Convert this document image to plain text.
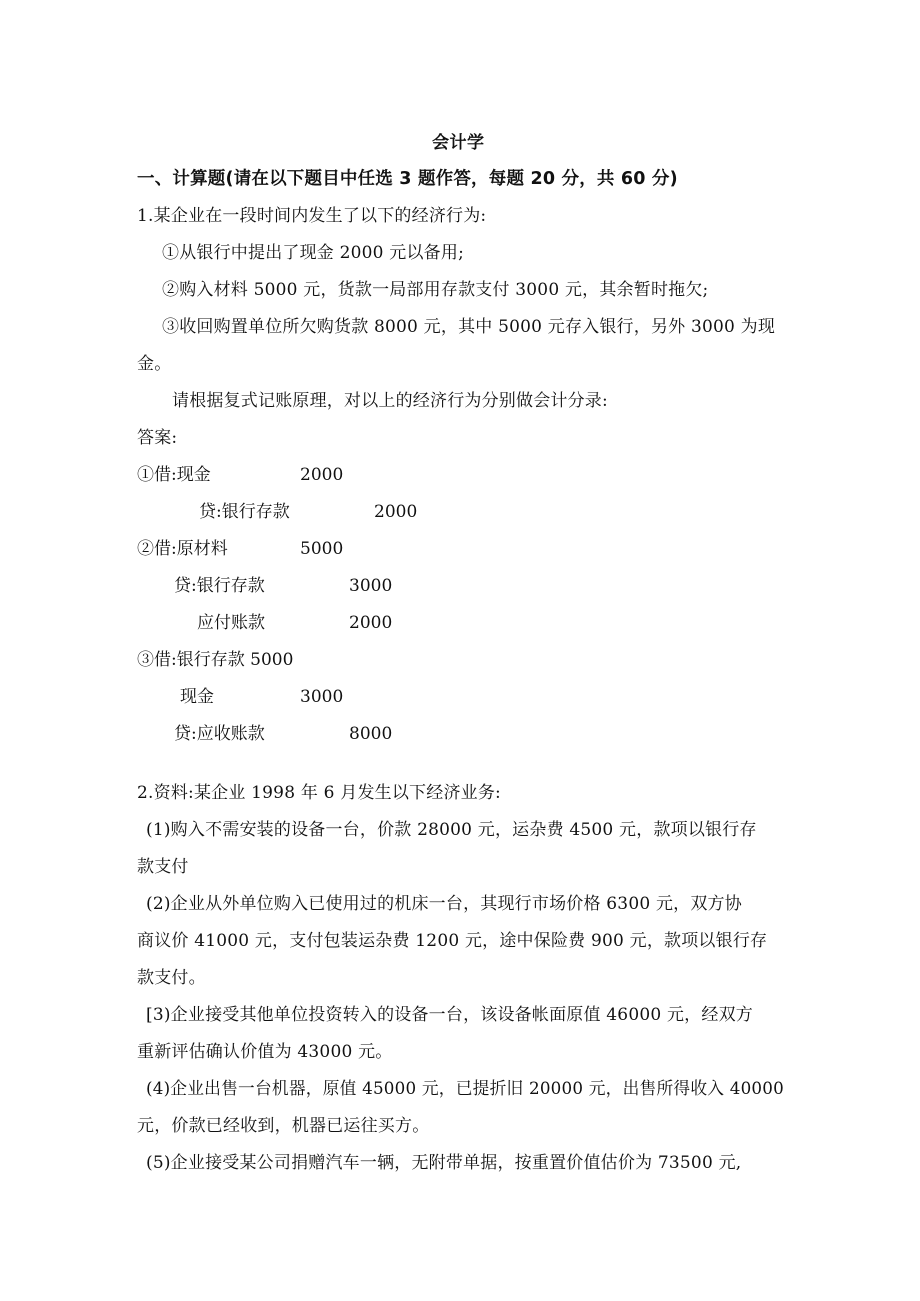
会计学
一、计算题(请在以下题目中任选 3 题作答，每题 20 分，共 60 分)
1.某企业在一段时间内发生了以下的经济行为:
①从银行中提出了现金 2000 元以备用;
②购入材料 5000 元，货款一局部用存款支付 3000 元，其余暂时拖欠;
③收回购置单位所欠购货款 8000 元，其中 5000 元存入银行，另外 3000 为现
金。
请根据复式记账原理，对以上的经济行为分别做会计分录:
答案:
①借:现金	2000
贷:银行存款	2000
②借:原材料	5000
贷:银行存款	3000
应付账款	2000
③借:银行存款 5000
现金	3000
贷:应收账款	8000
2.资料:某企业 1998 年 6 月发生以下经济业务:
(1)购入不需安装的设备一台，价款 28000 元，运杂费 4500 元，款项以银行存
款支付
(2)企业从外单位购入已使用过的机床一台，其现行市场价格 6300 元，双方协
商议价 41000 元，支付包装运杂费 1200 元，途中保险费 900 元，款项以银行存
款支付。
[3)企业接受其他单位投资转入的设备一台，该设备帐面原值 46000 元，经双方
重新评估确认价值为 43000 元。
(4)企业出售一台机器，原值 45000 元，已提折旧 20000 元，出售所得收入 40000
元，价款已经收到，机器已运往买方。
(5)企业接受某公司捐赠汽车一辆，无附带单据，按重置价值估价为 73500 元,
